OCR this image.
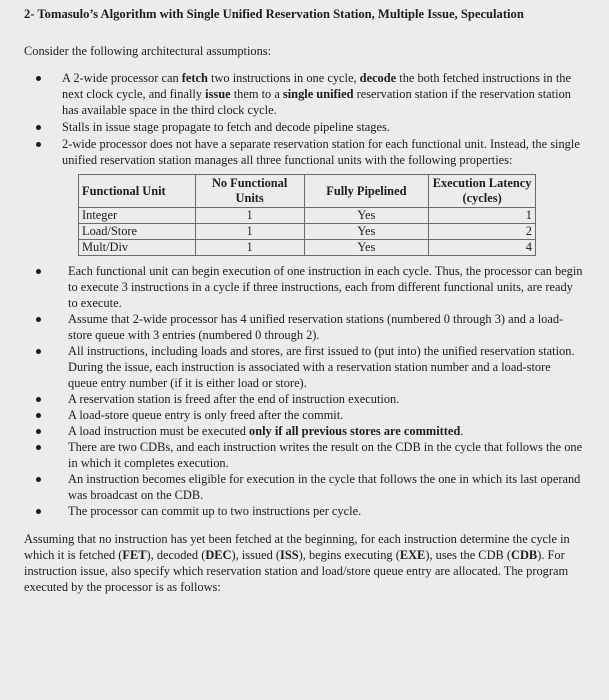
2- Tomasulo’s Algorithm with Single Unified Reservation Station, Multiple Issue, Speculation

Consider the following architectural assumptions:

A 2-wide processor can fetch two instructions in one cycle, decode the both fetched instructions in the next clock cycle, and finally issue them to a single unified reservation station if the reservation station has available space in the third clock cycle.
Stalls in issue stage propagate to fetch and decode pipeline stages.
2-wide processor does not have a separate reservation station for each functional unit. Instead, the single unified reservation station manages all three functional units with the following properties:
Functional Unit	No Functional Units	Fully Pipelined	Execution Latency (cycles)
Integer	1	Yes	1
Load/Store	1	Yes	2
Mult/Div	1	Yes	4
Each functional unit can begin execution of one instruction in each cycle. Thus, the processor can begin to execute 3 instructions in a cycle if three instructions, each from different functional units, are ready to execute.
Assume that 2-wide processor has 4 unified reservation stations (numbered 0 through 3) and a load-store queue with 3 entries (numbered 0 through 2).
All instructions, including loads and stores, are first issued to (put into) the unified reservation station. During the issue, each instruction is associated with a reservation station number and a load-store queue entry number (if it is either load or store).
A reservation station is freed after the end of instruction execution.
A load-store queue entry is only freed after the commit.
A load instruction must be executed only if all previous stores are committed.
There are two CDBs, and each instruction writes the result on the CDB in the cycle that follows the one in which it completes execution.
An instruction becomes eligible for execution in the cycle that follows the one in which its last operand was broadcast on the CDB.
The processor can commit up to two instructions per cycle.

Assuming that no instruction has yet been fetched at the beginning, for each instruction determine the cycle in which it is fetched (FET), decoded (DEC), issued (ISS), begins executing (EXE), uses the CDB (CDB). For instruction issue, also specify which reservation station and load/store queue entry are allocated. The program executed by the processor is as follows:
